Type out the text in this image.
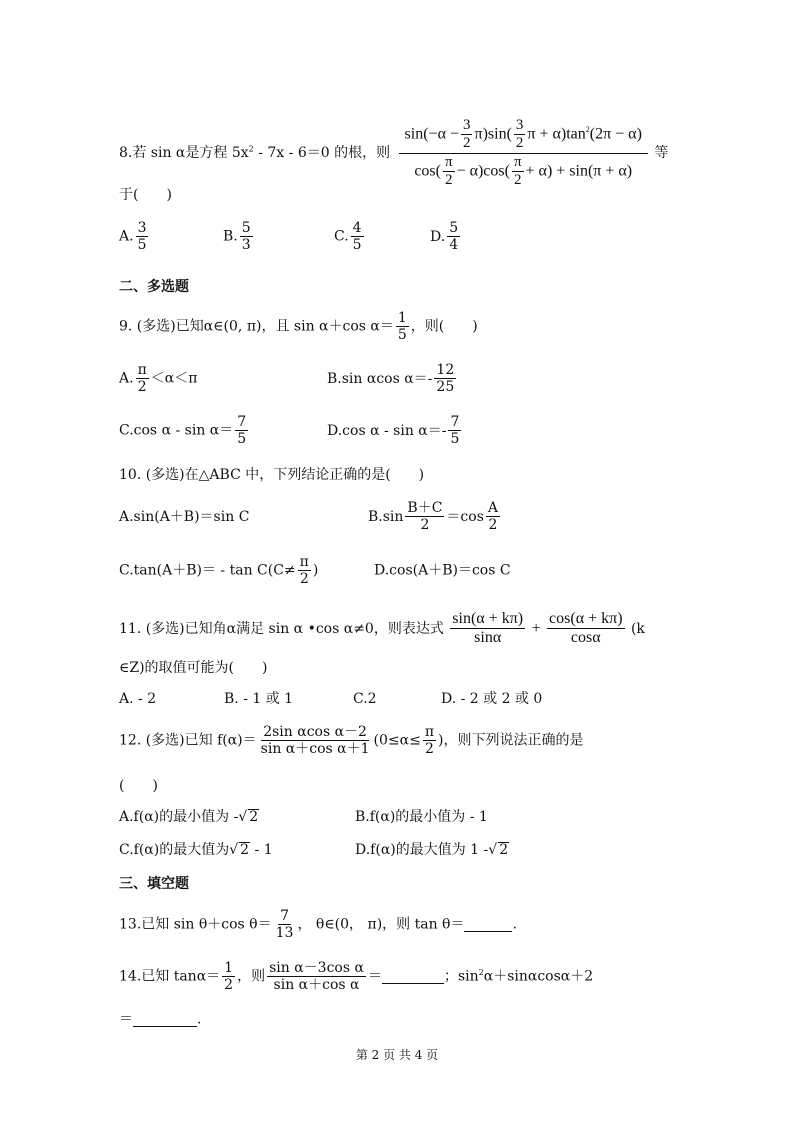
8.若 sin α是方程 $5x^2 - 7x - 6=0$ 的根，则 $\frac{\sin(-\alpha - \frac{3}{2} \pi)\sin( \frac{3}{2} \pi + \alpha)\tan^2(2\pi - \alpha)}{\cos( \frac{\pi}{2} - \alpha)\cos( \frac{\pi}{2} + \alpha) + \sin(\pi + \alpha)}$ 等
于(　　)
A. $\frac{3}{5}$	B. $\frac{5}{3}$	C. $\frac{4}{5}$	D. $\frac{5}{4}$
二、多选题
9. (多选)已知α∈(0, π)，且 sin α＋cos $\alpha= \frac{1}{5}$ ，则(　　)
A. $\frac{\pi}{2} <\alpha<\pi$	B.sin αcos $\alpha=- \frac{12}{25}$
C.cos $\alpha - \sin \alpha= \frac{7}{5}$	D.cos $\alpha - \sin \alpha=- \frac{7}{5}$
10. (多选)在△ABC 中，下列结论正确的是(　　)
A.sin(A＋B)＝sin C	$B.\sin \frac{B+C}{2} =\cos \frac{A}{2}$
$C.\tan(A+B)= - \tan C(C\ne \frac{\pi}{2}$ )	D.cos(A＋B)＝cos C
11. (多选)已知角α满足 sin α •cos α≠0，则表达式 $\frac{\sin(\alpha + k\pi)}{\sin\alpha} + \frac{\cos(\alpha + k\pi)}{\cos\alpha} (k$
∈Z)的取值可能为(　　)
A. - 2	B. - 1 或 1	C.2	D. - 2 或 2 或 0
12. (多选)已知 $f(\alpha)= \frac{\text{2sin αcos α－2}}{\text{sin α＋cos α＋1}} (0\le\alpha\le \frac{\pi}{2}$ )，则下列说法正确的是
(　　)
A.f(α)的最小值为 -√ 2	B.f(α)的最小值为 - 1
C.f(α)的最大值为√ 2 - 1	D.f(α)的最大值为 1 -√ 2
三、填空题
13.已知 sin θ＋cos $\theta= \frac{7}{13}$ ， θ∈(0， π)，则 tan θ＝	.
14.已知 $\tan\alpha= \frac{1}{2}$ ，则 $\frac{\text{sin α－3cos α}}{\text{sin α＋cos α}}$ ＝	；$\sin^2\alpha+\sin\alpha\cos\alpha+2$
＝	.
第 2 页 共 4 页
